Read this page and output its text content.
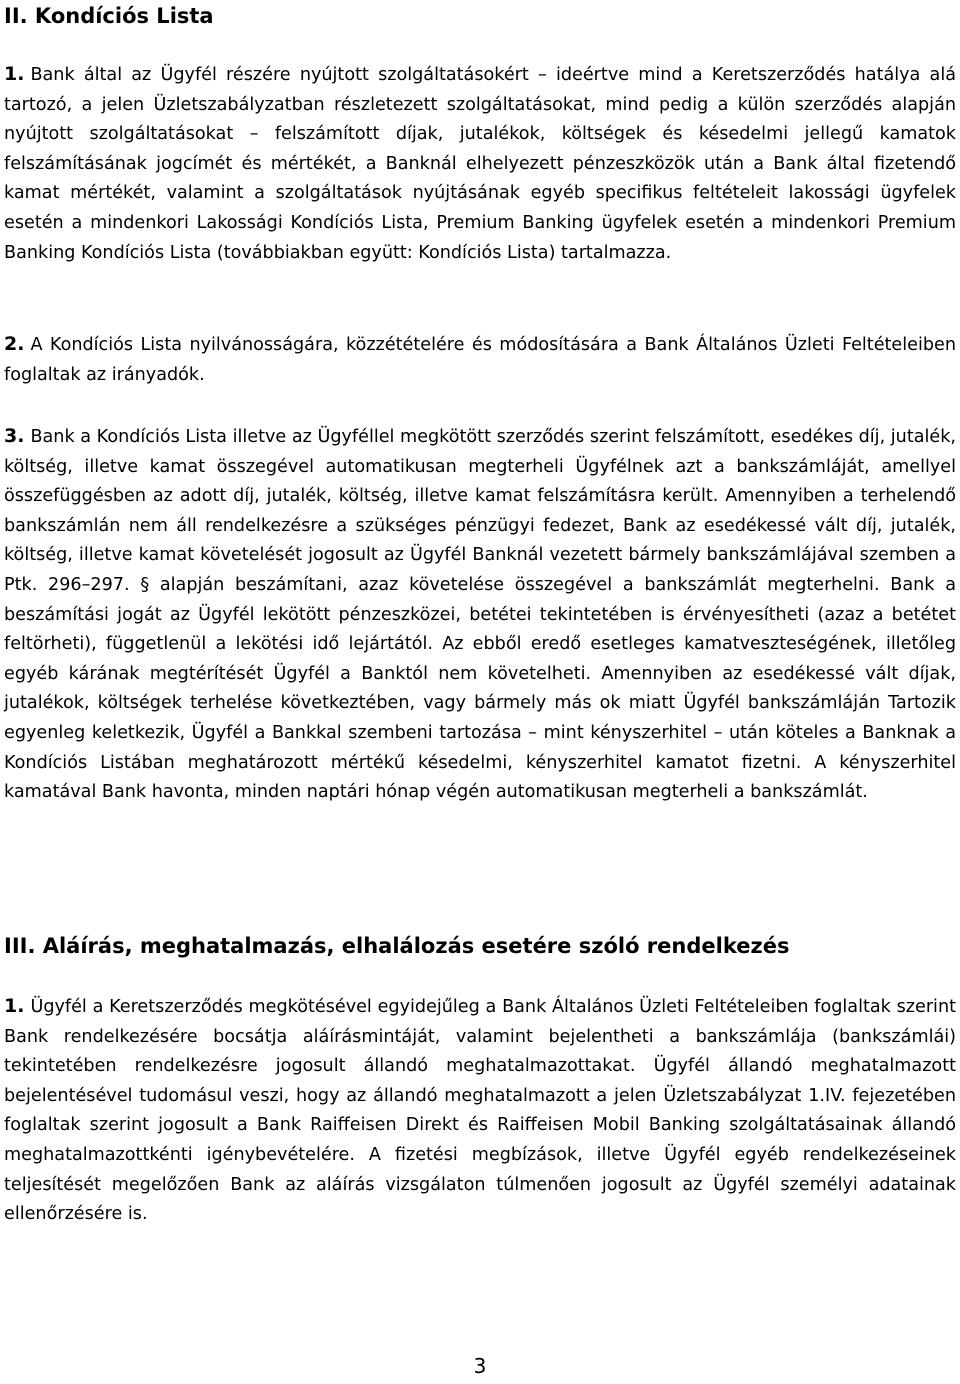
II. Kondíciós Lista

1. Bank által az Ügyfél részére nyújtott szolgáltatásokért – ideértve mind a Keretszerződés hatálya alá tartozó, a jelen Üzletszabályzatban részletezett szolgáltatásokat, mind pedig a külön szerződés alapján nyújtott szolgáltatásokat – felszámított díjak, jutalékok, költségek és késedelmi jellegű kamatok felszámításának jogcímét és mértékét, a Banknál elhelyezett pénzeszközök után a Bank által fizetendő kamat mértékét, valamint a szolgáltatások nyújtásának egyéb specifikus feltételeit lakossági ügyfelek esetén a mindenkori Lakossági Kondíciós Lista, Premium Banking ügyfelek esetén a mindenkori Premium Banking Kondíciós Lista (továbbiakban együtt: Kondíciós Lista) tartalmazza.

2. A Kondíciós Lista nyilvánosságára, közzétételére és módosítására a Bank Általános Üzleti Feltételeiben foglaltak az irányadók.

3. Bank a Kondíciós Lista illetve az Ügyféllel megkötött szerződés szerint felszámított, esedékes díj, jutalék, költség, illetve kamat összegével automatikusan megterheli Ügyfélnek azt a bankszámláját, amellyel összefüggésben az adott díj, jutalék, költség, illetve kamat felszámításra került. Amennyiben a terhelendő bankszámlán nem áll rendelkezésre a szükséges pénzügyi fedezet, Bank az esedékessé vált díj, jutalék, költség, illetve kamat követelését jogosult az Ügyfél Banknál vezetett bármely bankszámlájával szemben a Ptk. 296–297. § alapján beszámítani, azaz követelése összegével a bankszámlát megterhelni. Bank a beszámítási jogát az Ügyfél lekötött pénzeszközei, betétei tekintetében is érvényesítheti (azaz a betétet feltörheti), függetlenül a lekötési idő lejártától. Az ebből eredő esetleges kamatveszteségének, illetőleg egyéb kárának megtérítését Ügyfél a Banktól nem követelheti. Amennyiben az esedékessé vált díjak, jutalékok, költségek terhelése következtében, vagy bármely más ok miatt Ügyfél bankszámláján Tartozik egyenleg keletkezik, Ügyfél a Bankkal szembeni tartozása – mint kényszerhitel – után köteles a Banknak a Kondíciós Listában meghatározott mértékű késedelmi, kényszerhitel kamatot fizetni. A kényszerhitel kamatával Bank havonta, minden naptári hónap végén automatikusan megterheli a bankszámlát.

III. Aláírás, meghatalmazás, elhalálozás esetére szóló rendelkezés

1. Ügyfél a Keretszerződés megkötésével egyidejűleg a Bank Általános Üzleti Feltételeiben foglaltak szerint Bank rendelkezésére bocsátja aláírásmintáját, valamint bejelentheti a bankszámlája (bankszámlái) tekintetében rendelkezésre jogosult állandó meghatalmazottakat. Ügyfél állandó meghatalmazott bejelentésével tudomásul veszi, hogy az állandó meghatalmazott a jelen Üzletszabályzat 1.IV. fejezetében foglaltak szerint jogosult a Bank Raiffeisen Direkt és Raiffeisen Mobil Banking szolgáltatásainak állandó meghatalmazottkénti igénybevételére. A fizetési megbízások, illetve Ügyfél egyéb rendelkezéseinek teljesítését megelőzően Bank az aláírás vizsgálaton túlmenően jogosult az Ügyfél személyi adatainak ellenőrzésére is.

3
